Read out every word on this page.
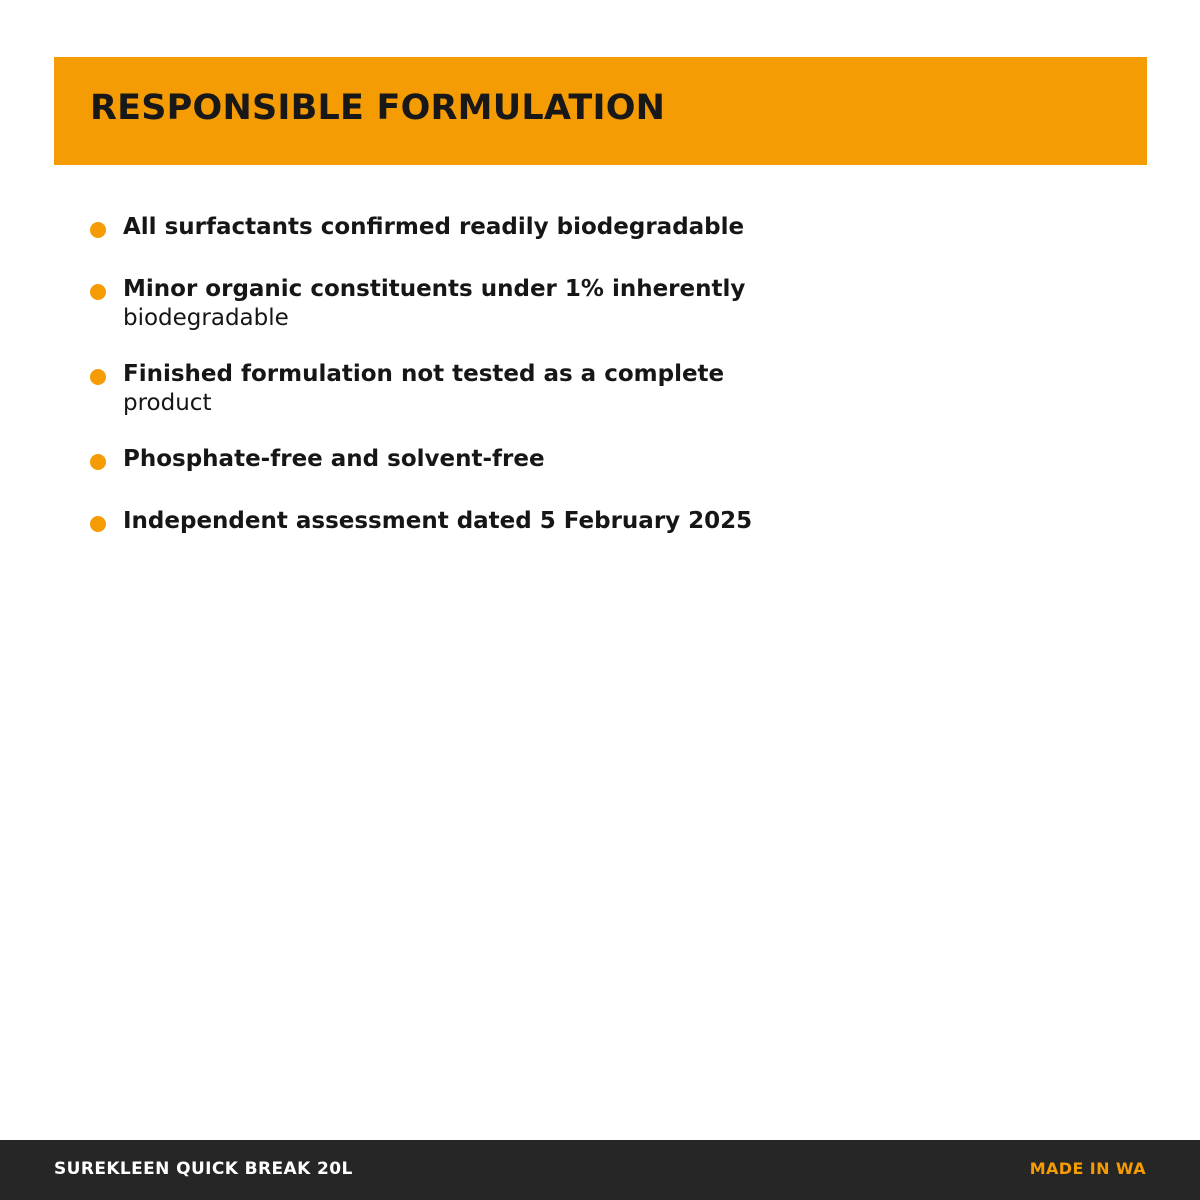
RESPONSIBLE FORMULATION
All surfactants confirmed readily biodegradable
Minor organic constituents under 1% inherently
biodegradable
Finished formulation not tested as a complete
product
Phosphate-free and solvent-free
Independent assessment dated 5 February 2025
SUREKLEEN QUICK BREAK 20L	MADE IN WA
